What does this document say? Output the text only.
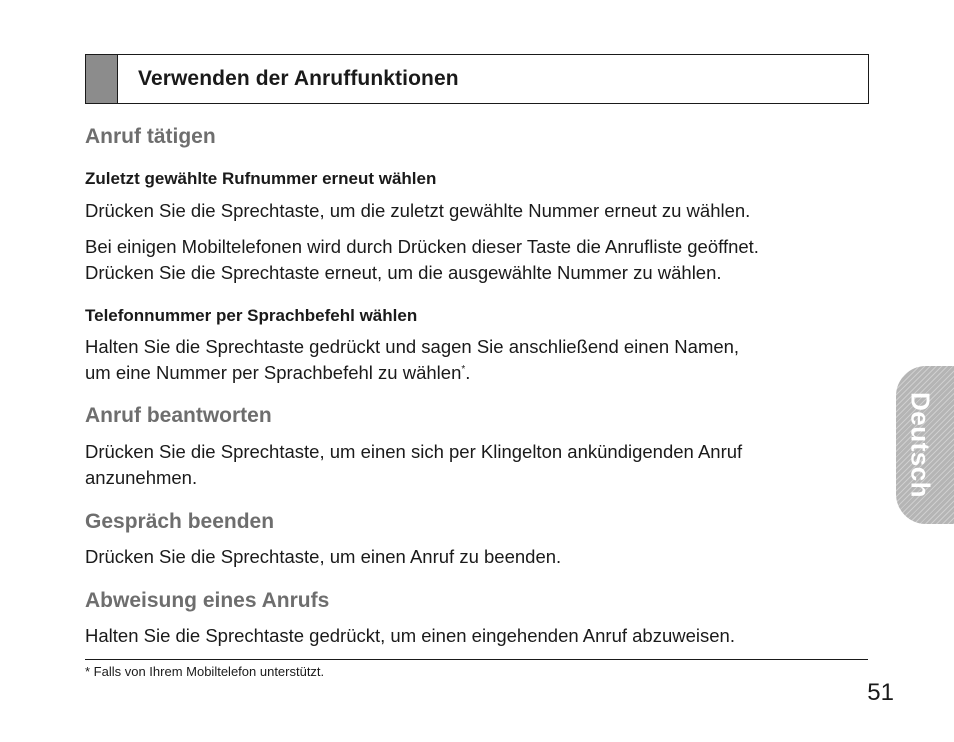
Verwenden der Anruffunktionen
Anruf tätigen
Zuletzt gewählte Rufnummer erneut wählen
Drücken Sie die Sprechtaste, um die zuletzt gewählte Nummer erneut zu wählen.
Bei einigen Mobiltelefonen wird durch Drücken dieser Taste die Anrufliste geöffnet.
Drücken Sie die Sprechtaste erneut, um die ausgewählte Nummer zu wählen.
Telefonnummer per Sprachbefehl wählen
Halten Sie die Sprechtaste gedrückt und sagen Sie anschließend einen Namen,
um eine Nummer per Sprachbefehl zu wählen*.
Anruf beantworten
Drücken Sie die Sprechtaste, um einen sich per Klingelton ankündigenden Anruf
anzunehmen.
Gespräch beenden
Drücken Sie die Sprechtaste, um einen Anruf zu beenden.
Abweisung eines Anrufs
Halten Sie die Sprechtaste gedrückt, um einen eingehenden Anruf abzuweisen.
* Falls von Ihrem Mobiltelefon unterstützt.
51
Deutsch
